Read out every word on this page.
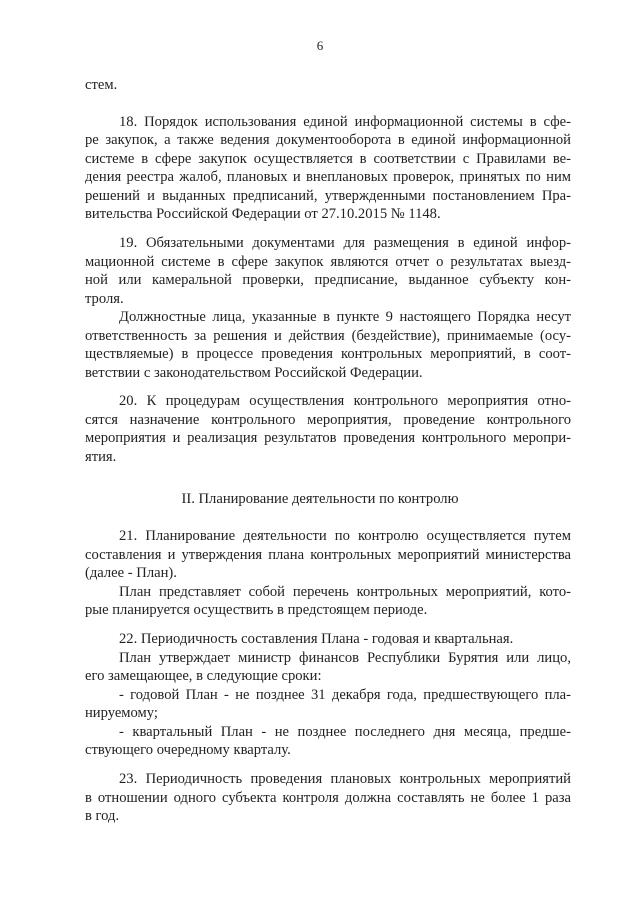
6
стем.
18. Порядок использования единой информационной системы в сфе-
ре закупок, а также ведения документооборота в единой информационной
системе в сфере закупок осуществляется в соответствии с Правилами ве-
дения реестра жалоб, плановых и внеплановых проверок, принятых по ним
решений и выданных предписаний, утвержденными постановлением Пра-
вительства Российской Федерации от 27.10.2015 № 1148.
19. Обязательными документами для размещения в единой инфор-
мационной системе в сфере закупок являются отчет о результатах выезд-
ной или камеральной проверки, предписание, выданное субъекту кон-
троля.
Должностные лица, указанные в пункте 9 настоящего Порядка несут
ответственность за решения и действия (бездействие), принимаемые (осу-
ществляемые) в процессе проведения контрольных мероприятий, в соот-
ветствии с законодательством Российской Федерации.
20. К процедурам осуществления контрольного мероприятия отно-
сятся назначение контрольного мероприятия, проведение контрольного
мероприятия и реализация результатов проведения контрольного меропри-
ятия.
II. Планирование деятельности по контролю
21. Планирование деятельности по контролю осуществляется путем
составления и утверждения плана контрольных мероприятий министерства
(далее - План).
План представляет собой перечень контрольных мероприятий, кото-
рые планируется осуществить в предстоящем периоде.
22. Периодичность составления Плана - годовая и квартальная.
План утверждает министр финансов Республики Бурятия или лицо,
его замещающее, в следующие сроки:
- годовой План - не позднее 31 декабря года, предшествующего пла-
нируемому;
- квартальный План - не позднее последнего дня месяца, предше-
ствующего очередному кварталу.
23. Периодичность проведения плановых контрольных мероприятий
в отношении одного субъекта контроля должна составлять не более 1 раза
в год.
